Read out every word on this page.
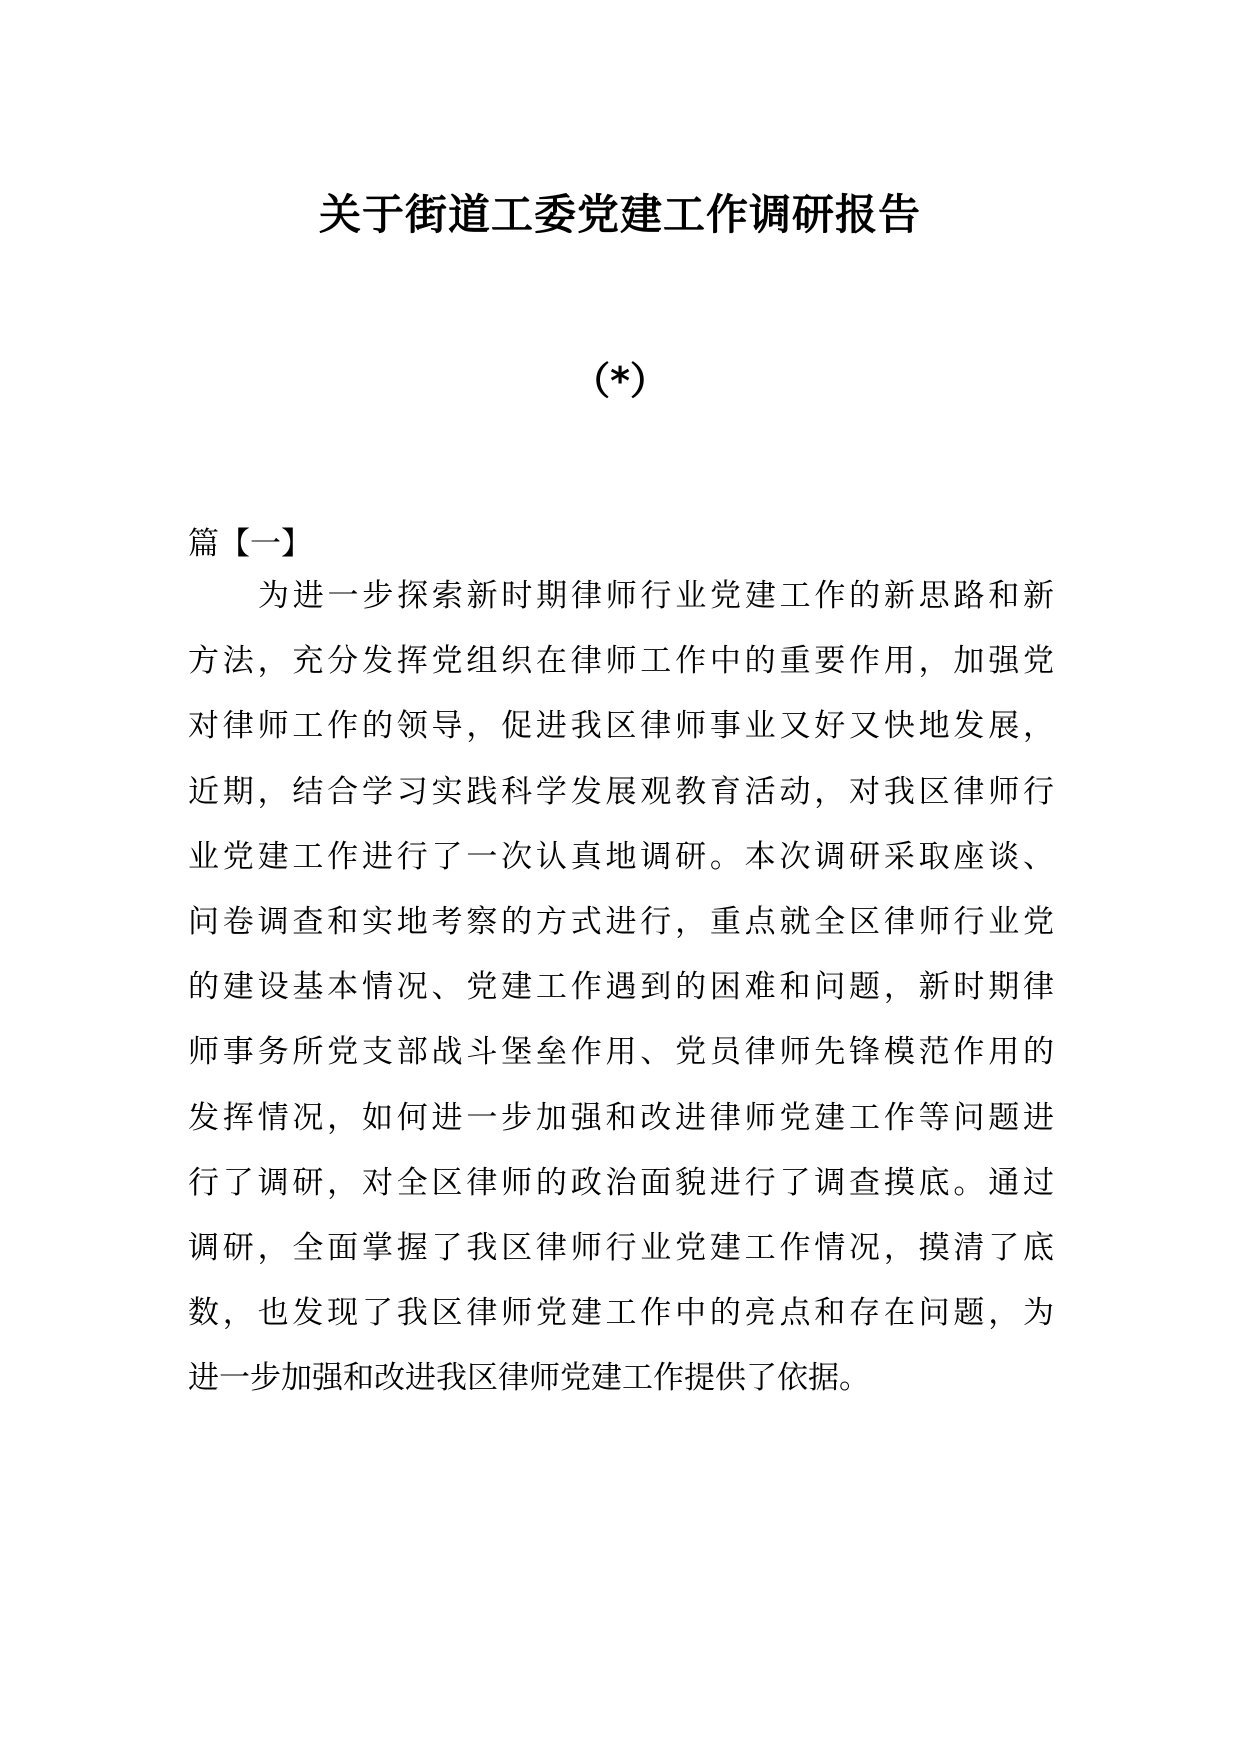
关于街道工委党建工作调研报告
（*）
篇【一】
为进一步探索新时期律师行业党建工作的新思路和新
方法，充分发挥党组织在律师工作中的重要作用，加强党
对律师工作的领导，促进我区律师事业又好又快地发展，
近期，结合学习实践科学发展观教育活动，对我区律师行
业党建工作进行了一次认真地调研。本次调研采取座谈、
问卷调查和实地考察的方式进行，重点就全区律师行业党
的建设基本情况、党建工作遇到的困难和问题，新时期律
师事务所党支部战斗堡垒作用、党员律师先锋模范作用的
发挥情况，如何进一步加强和改进律师党建工作等问题进
行了调研，对全区律师的政治面貌进行了调查摸底。通过
调研，全面掌握了我区律师行业党建工作情况，摸清了底
数，也发现了我区律师党建工作中的亮点和存在问题，为
进一步加强和改进我区律师党建工作提供了依据。
